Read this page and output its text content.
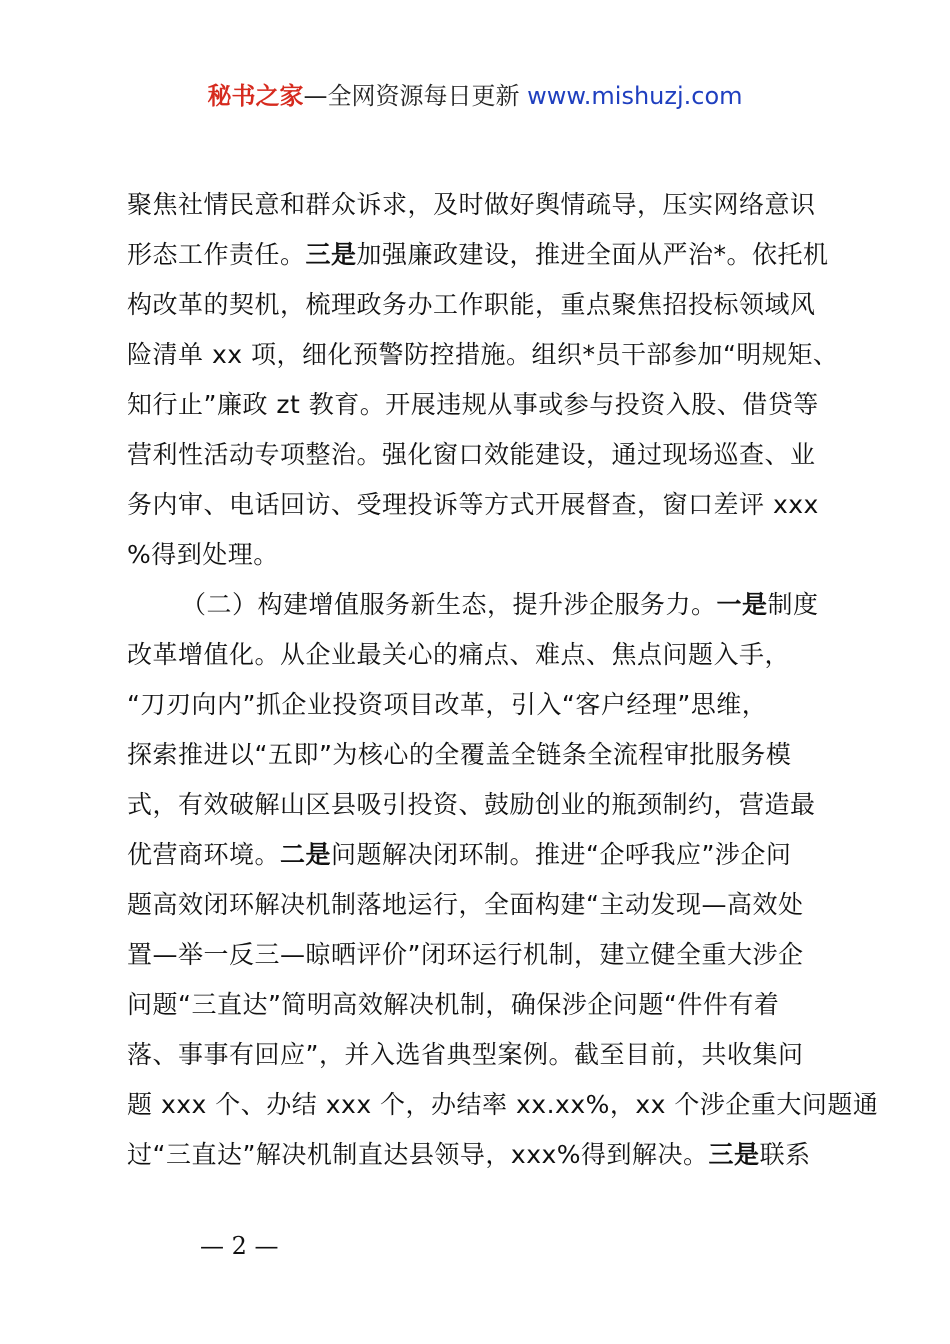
秘书之家—全网资源每日更新 www.mishuzj.com
聚焦社情民意和群众诉求，及时做好舆情疏导，压实网络意识
形态工作责任。三是加强廉政建设，推进全面从严治*。依托机
构改革的契机，梳理政务办工作职能，重点聚焦招投标领域风
险清单 xx 项，细化预警防控措施。组织*员干部参加“明规矩、
知行止”廉政 zt 教育。开展违规从事或参与投资入股、借贷等
营利性活动专项整治。强化窗口效能建设，通过现场巡查、业
务内审、电话回访、受理投诉等方式开展督查，窗口差评 xxx
%得到处理。
（二）构建增值服务新生态，提升涉企服务力。一是制度
改革增值化。从企业最关心的痛点、难点、焦点问题入手，
“刀刃向内”抓企业投资项目改革，引入“客户经理”思维，
探索推进以“五即”为核心的全覆盖全链条全流程审批服务模
式，有效破解山区县吸引投资、鼓励创业的瓶颈制约，营造最
优营商环境。二是问题解决闭环制。推进“企呼我应”涉企问
题高效闭环解决机制落地运行，全面构建“主动发现—高效处
置—举一反三—晾晒评价”闭环运行机制，建立健全重大涉企
问题“三直达”简明高效解决机制，确保涉企问题“件件有着
落、事事有回应”，并入选省典型案例。截至目前，共收集问
题 xxx 个、办结 xxx 个，办结率 xx.xx%，xx 个涉企重大问题通
过“三直达”解决机制直达县领导，xxx%得到解决。三是联系
— 2 —
